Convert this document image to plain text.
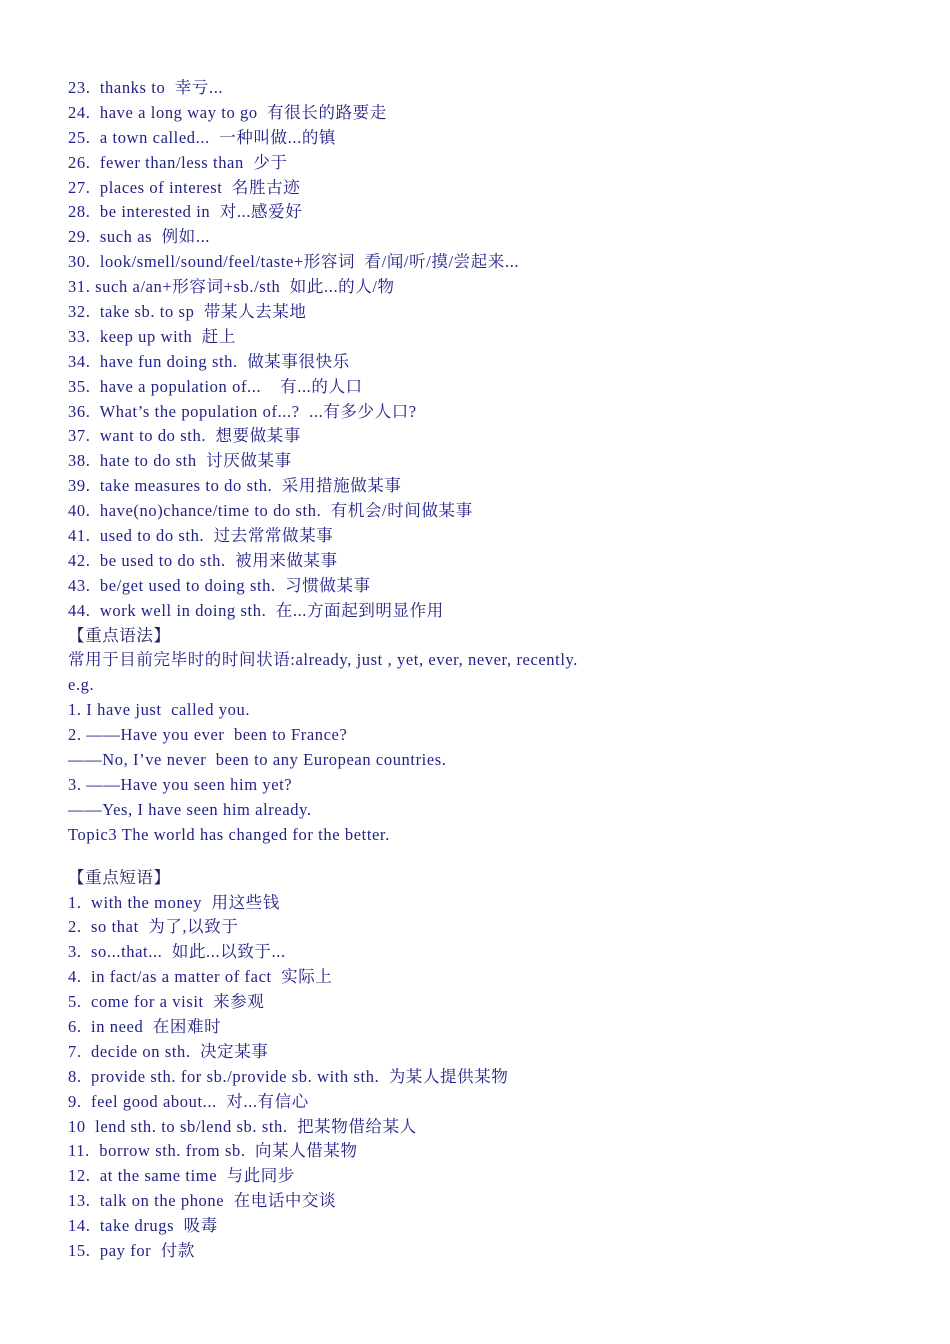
23.  thanks to  幸亏...
24.  have a long way to go  有很长的路要走
25.  a town called...  一种叫做...的镇
26.  fewer than/less than  少于
27.  places of interest  名胜古迹
28.  be interested in  对...感爱好
29.  such as  例如...
30.  look/smell/sound/feel/taste+形容词  看/闻/听/摸/尝起来...
31. such a/an+形容词+sb./sth  如此...的人/物
32.  take sb. to sp  带某人去某地
33.  keep up with  赶上
34.  have fun doing sth.  做某事很快乐
35.  have a population of...    有...的人口
36.  What’s the population of...?  ...有多少人口?
37.  want to do sth.  想要做某事
38.  hate to do sth  讨厌做某事
39.  take measures to do sth.  采用措施做某事
40.  have(no)chance/time to do sth.  有机会/时间做某事
41.  used to do sth.  过去常常做某事
42.  be used to do sth.  被用来做某事
43.  be/get used to doing sth.  习惯做某事
44.  work well in doing sth.  在...方面起到明显作用
【重点语法】
常用于目前完毕时的时间状语:already, just , yet, ever, never, recently.
e.g.
1. I have just  called you.
2. ——Have you ever  been to France?
——No, I’ve never  been to any European countries.
3. ——Have you seen him yet?
——Yes, I have seen him already.
Topic3 The world has changed for the better.
【重点短语】
1.  with the money  用这些钱
2.  so that  为了,以致于
3.  so...that...  如此...以致于...
4.  in fact/as a matter of fact  实际上
5.  come for a visit  来参观
6.  in need  在困难时
7.  decide on sth.  决定某事
8.  provide sth. for sb./provide sb. with sth.  为某人提供某物
9.  feel good about...  对...有信心
10  lend sth. to sb/lend sb. sth.  把某物借给某人
11.  borrow sth. from sb.  向某人借某物
12.  at the same time  与此同步
13.  talk on the phone  在电话中交谈
14.  take drugs  吸毒
15.  pay for  付款
